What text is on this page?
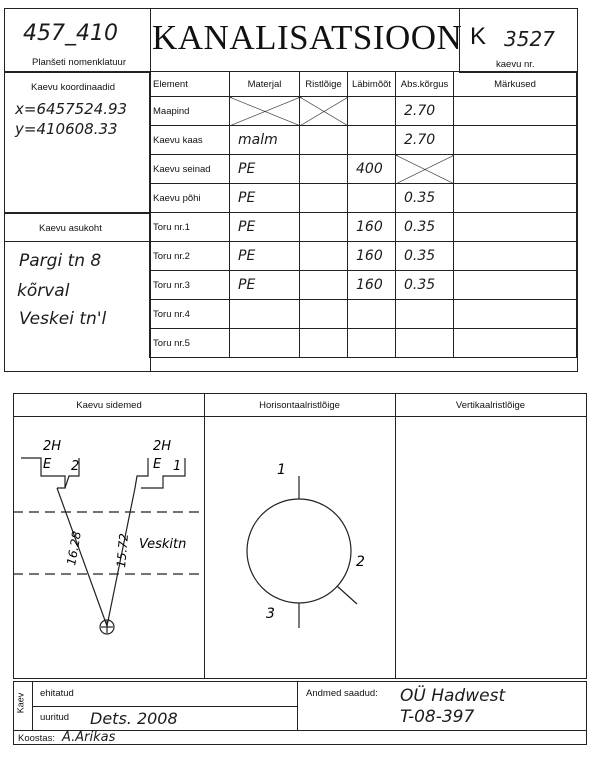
457_410
Planšeti nomenklatuur
KANALISATSIOON K 3527
kaevu nr.
Kaevu koordinaadid
x=6457524.93
y=410608.33
Kaevu asukoht
Pargi tn 8
kõrval
Veskei tn'l
Element	Materjal	Ristlõige	Läbimõõt	Abs.kõrgus	Märkused
Maapind				2.70	
Kaevu kaas	malm			2.70	
Kaevu seinad	PE		400		
Kaevu põhi	PE			0.35	
Toru nr.1	PE		160	0.35	
Toru nr.2	PE		160	0.35	
Toru nr.3	PE		160	0.35	
Toru nr.4					
Toru nr.5					
Kaevu sidemed	Horisontaalristlõige	Vertikaalristlõige
2H
E 2
2H
E 1
16.28	15.72 Veskitn
1
2
3
Kaev ehitatud
uuritud Dets. 2008
Andmed saadud: OÜ Hadwest
T-08-397
Koostas: A.Arikas
